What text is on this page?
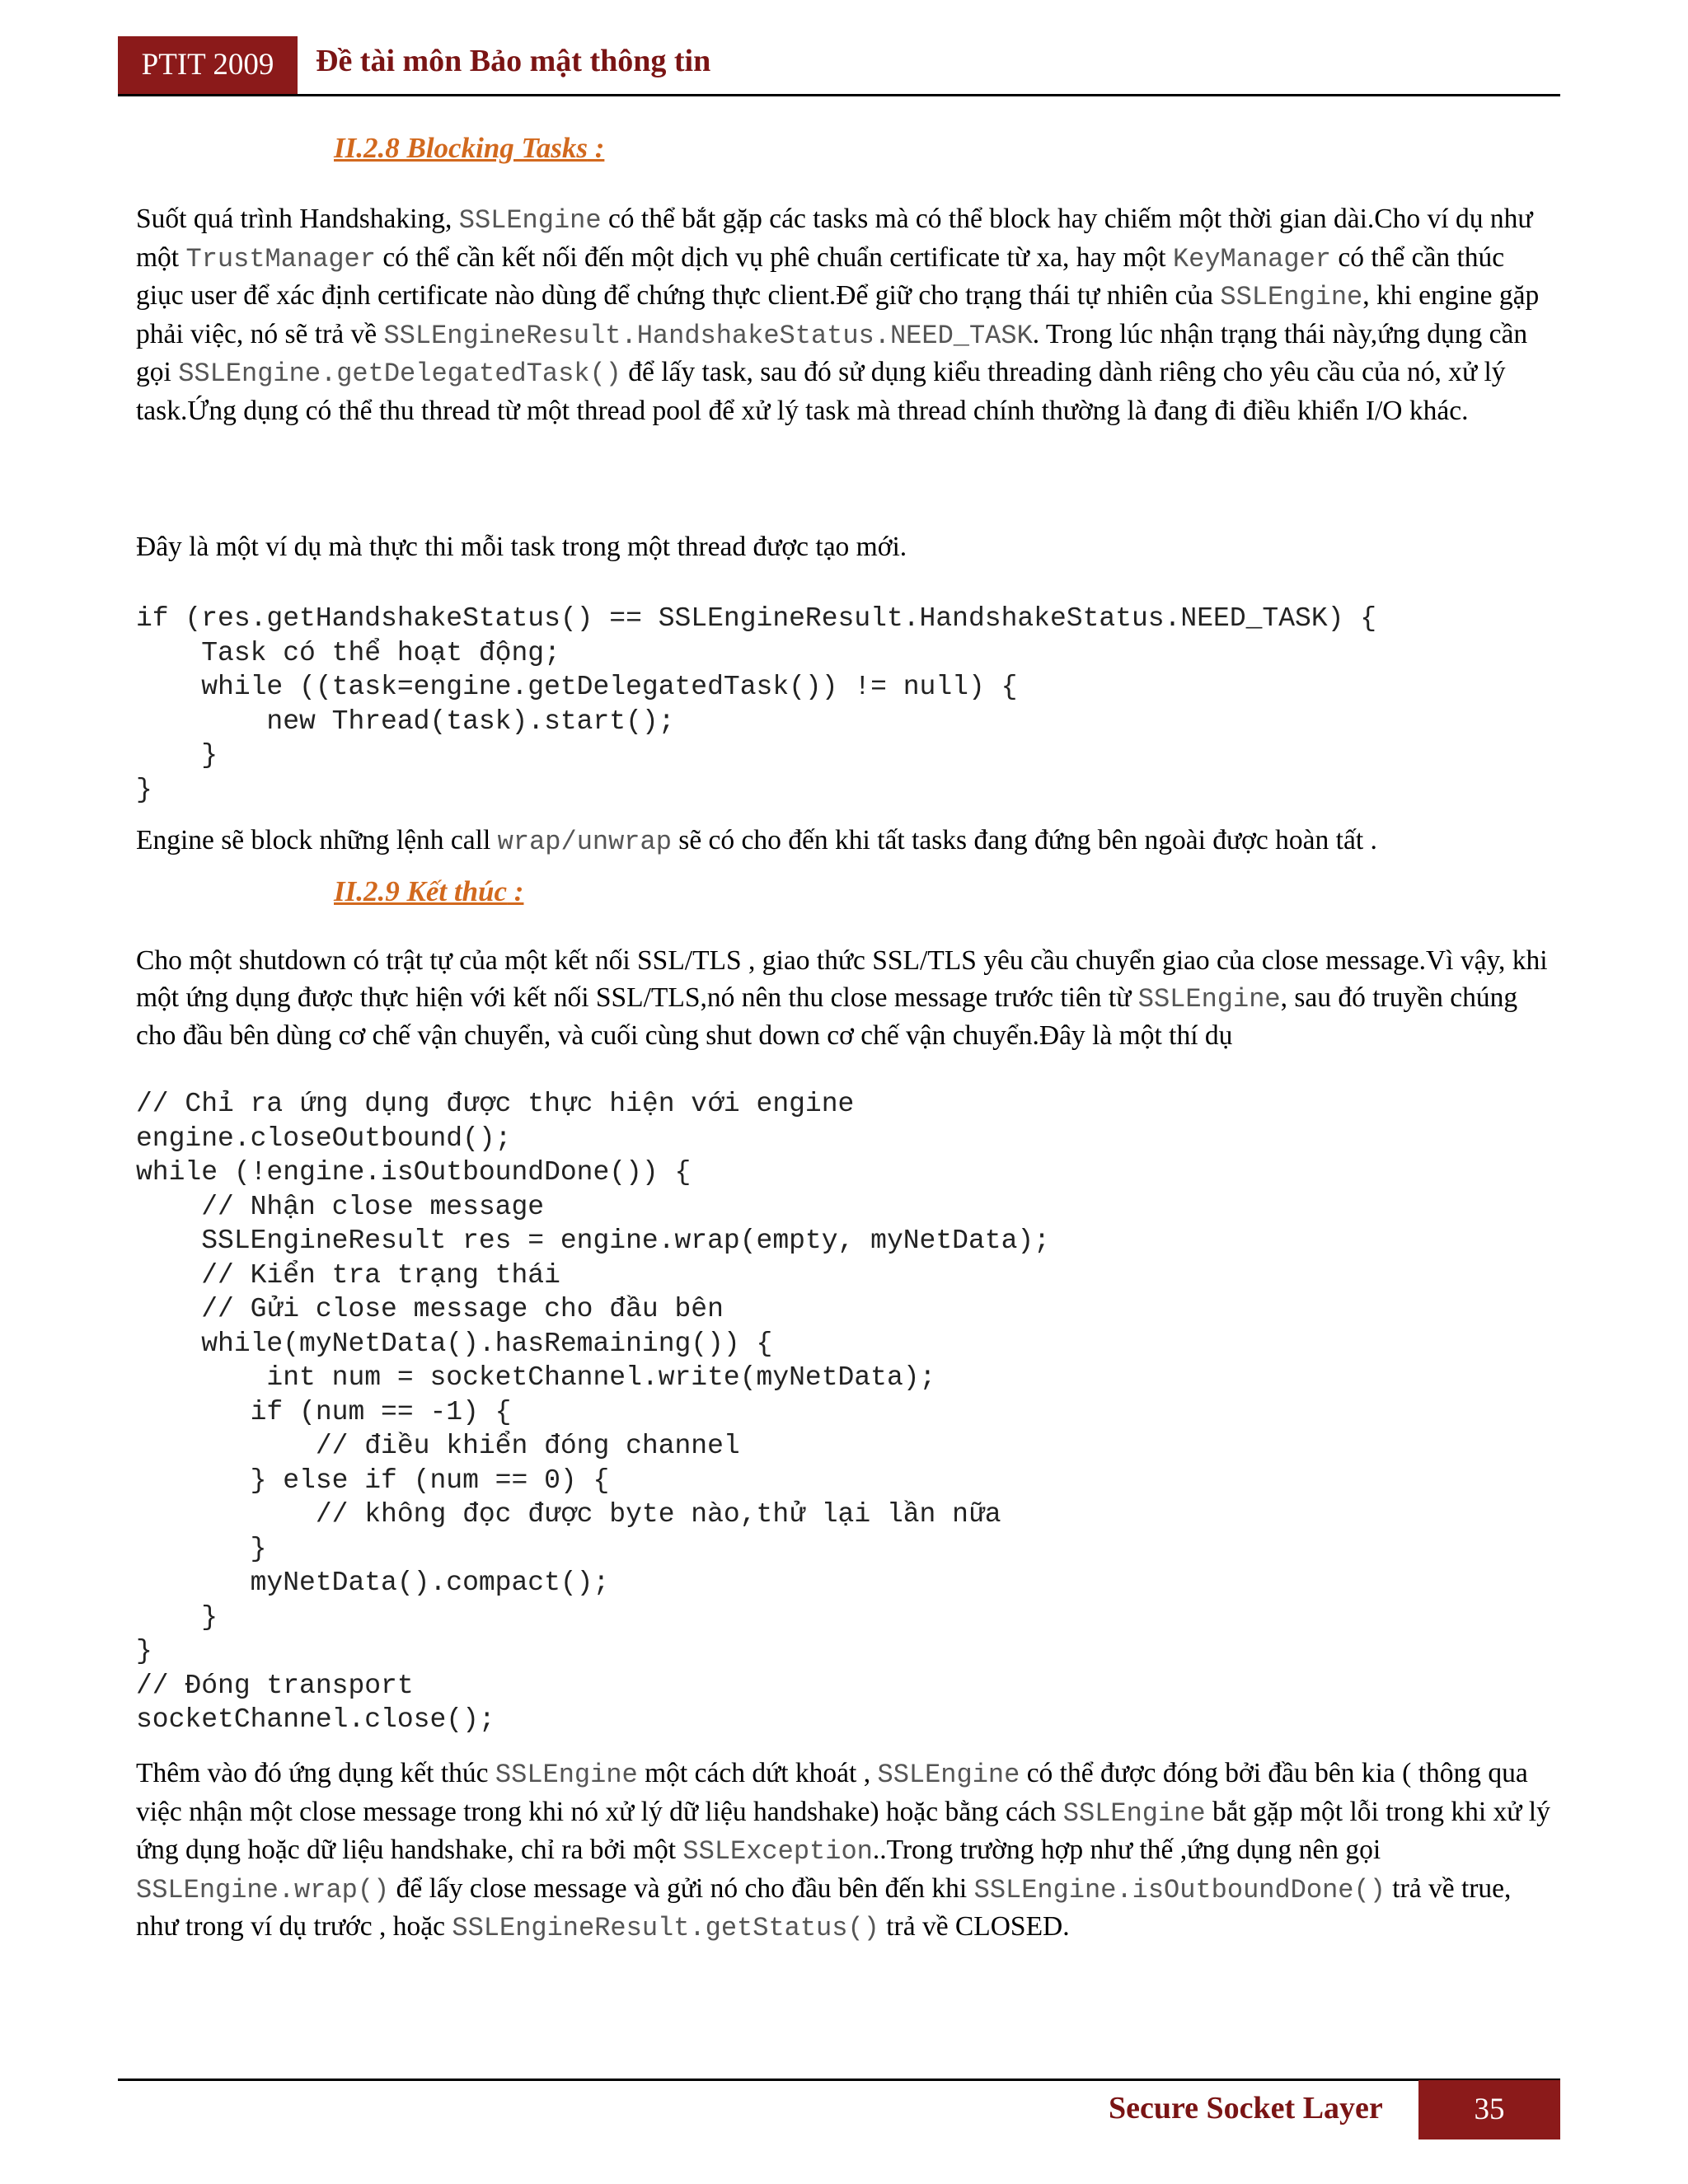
PTIT 2009	Đề tài môn Bảo mật thông tin
II.2.8 Blocking Tasks :

Suốt quá trình Handshaking, SSLEngine có thể bắt gặp các tasks mà có thể block hay chiếm một thời gian dài.Cho ví dụ như một TrustManager có thể cần kết nối đến một dịch vụ phê chuẩn certificate từ xa, hay một KeyManager có thể cần thúc giục user để xác định certificate nào dùng để chứng thực client.Để giữ cho trạng thái tự nhiên của SSLEngine, khi engine gặp phải việc, nó sẽ trả về SSLEngineResult.HandshakeStatus.NEED_TASK. Trong lúc nhận trạng thái này,ứng dụng cần gọi SSLEngine.getDelegatedTask() để lấy task, sau đó sử dụng kiểu threading dành riêng cho yêu cầu của nó, xử lý task.Ứng dụng có thể thu thread từ một thread pool để xử lý task mà thread chính thường là đang đi điều khiển I/O khác.

Đây là một ví dụ mà thực thi mỗi task trong một thread được tạo mới.

if (res.getHandshakeStatus() == SSLEngineResult.HandshakeStatus.NEED_TASK) {
Task có thể hoạt động;
while ((task=engine.getDelegatedTask()) != null) {
new Thread(task).start();
}
}

Engine sẽ block những lệnh call wrap/unwrap sẽ có cho đến khi tất tasks đang đứng bên ngoài được hoàn tất .

II.2.9 Kết thúc :

Cho một shutdown có trật tự của một kết nối SSL/TLS , giao thức SSL/TLS yêu cầu chuyển giao của close message.Vì vậy, khi một ứng dụng được thực hiện với kết nối SSL/TLS,nó nên thu close message trước tiên từ SSLEngine, sau đó truyền chúng cho đầu bên dùng cơ chế vận chuyển, và cuối cùng shut down cơ chế vận chuyển.Đây là một thí dụ

// Chỉ ra ứng dụng được thực hiện với engine
engine.closeOutbound();
while (!engine.isOutboundDone()) {
// Nhận close message
SSLEngineResult res = engine.wrap(empty, myNetData);
// Kiển tra trạng thái
// Gửi close message cho đầu bên
while(myNetData().hasRemaining()) {
int num = socketChannel.write(myNetData);
if (num == -1) {
// điều khiển đóng channel
} else if (num == 0) {
// không đọc được byte nào,thử lại lần nữa
}
myNetData().compact();
}
}
// Đóng transport
socketChannel.close();

Thêm vào đó ứng dụng kết thúc SSLEngine một cách dứt khoát , SSLEngine có thể được đóng bởi đầu bên kia ( thông qua việc nhận một close message trong khi nó xử lý dữ liệu handshake) hoặc bằng cách SSLEngine bắt gặp một lỗi trong khi xử lý ứng dụng hoặc dữ liệu handshake, chỉ ra bởi một SSLException..Trong trường hợp như thế ,ứng dụng nên gọi SSLEngine.wrap() để lấy close message và gửi nó cho đầu bên đến khi SSLEngine.isOutboundDone() trả về true, như trong ví dụ trước , hoặc SSLEngineResult.getStatus() trả về CLOSED.

Secure Socket Layer	35
